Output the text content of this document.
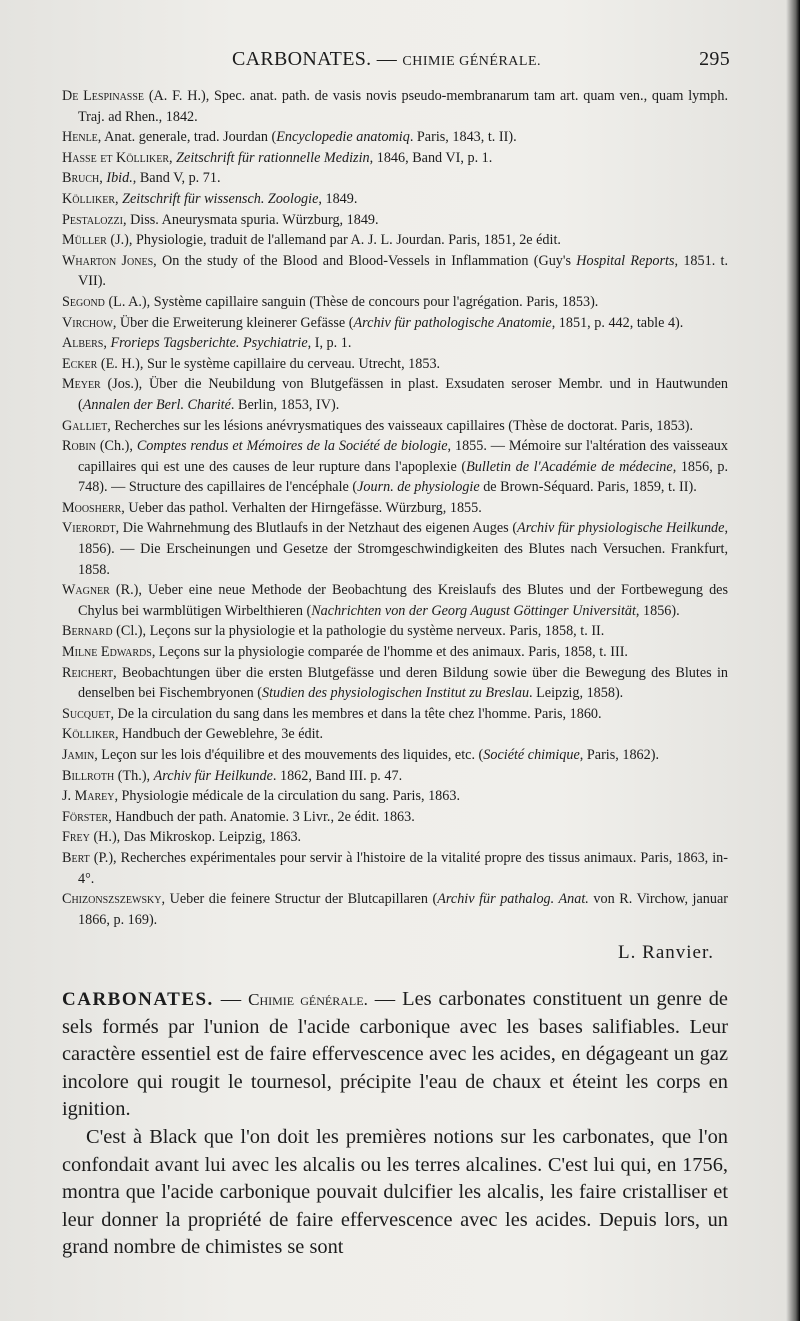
CARBONATES. — CHIMIE GÉNÉRALE.	295
De Lespinasse (A. F. H.), Spec. anat. path. de vasis novis pseudo-membranarum tam art. quam ven., quam lymph. Traj. ad Rhen., 1842.
Henle, Anat. generale, trad. Jourdan (Encyclopedie anatomiq. Paris, 1843, t. II).
Hasse et Kölliker, Zeitschrift für rationnelle Medizin, 1846, Band VI, p. 1.
Bruch, Ibid., Band V, p. 71.
Kölliker, Zeitschrift für wissensch. Zoologie, 1849.
Pestalozzi, Diss. Aneurysmata spuria. Würzburg, 1849.
Müller (J.), Physiologie, traduit de l'allemand par A. J. L. Jourdan. Paris, 1851, 2e édit.
Wharton Jones, On the study of the Blood and Blood-Vessels in Inflammation (Guy's Hospital Reports, 1851. t. VII).
Segond (L. A.), Système capillaire sanguin (Thèse de concours pour l'agrégation. Paris, 1853).
Virchow, Über die Erweiterung kleinerer Gefässe (Archiv für pathologische Anatomie, 1851, p. 442, table 4).
Albers, Frorieps Tagsberichte. Psychiatrie, I, p. 1.
Ecker (E. H.), Sur le système capillaire du cerveau. Utrecht, 1853.
Meyer (Jos.), Über die Neubildung von Blutgefässen in plast. Exsudaten seroser Membr. und in Hautwunden (Annalen der Berl. Charité. Berlin, 1853, IV).
Galliet, Recherches sur les lésions anévrysmatiques des vaisseaux capillaires (Thèse de doctorat. Paris, 1853).
Robin (Ch.), Comptes rendus et Mémoires de la Société de biologie, 1855. — Mémoire sur l'altération des vaisseaux capillaires qui est une des causes de leur rupture dans l'apoplexie (Bulletin de l'Académie de médecine, 1856, p. 748). — Structure des capillaires de l'encéphale (Journ. de physiologie de Brown-Séquard. Paris, 1859, t. II).
Moosherr, Ueber das pathol. Verhalten der Hirngefässe. Würzburg, 1855.
Vierordt, Die Wahrnehmung des Blutlaufs in der Netzhaut des eigenen Auges (Archiv für physiologische Heilkunde, 1856). — Die Erscheinungen und Gesetze der Stromgeschwindigkeiten des Blutes nach Versuchen. Frankfurt, 1858.
Wagner (R.), Ueber eine neue Methode der Beobachtung des Kreislaufs des Blutes und der Fortbewegung des Chylus bei warmblütigen Wirbelthieren (Nachrichten von der Georg August Göttinger Universität, 1856).
Bernard (Cl.), Leçons sur la physiologie et la pathologie du système nerveux. Paris, 1858, t. II.
Milne Edwards, Leçons sur la physiologie comparée de l'homme et des animaux. Paris, 1858, t. III.
Reichert, Beobachtungen über die ersten Blutgefässe und deren Bildung sowie über die Bewegung des Blutes in denselben bei Fischembryonen (Studien des physiologischen Institut zu Breslau. Leipzig, 1858).
Sucquet, De la circulation du sang dans les membres et dans la tête chez l'homme. Paris, 1860.
Kölliker, Handbuch der Geweblehre, 3e édit.
Jamin, Leçon sur les lois d'équilibre et des mouvements des liquides, etc. (Société chimique, Paris, 1862).
Billroth (Th.), Archiv für Heilkunde. 1862, Band III. p. 47.
J. Marey, Physiologie médicale de la circulation du sang. Paris, 1863.
Förster, Handbuch der path. Anatomie. 3 Livr., 2e édit. 1863.
Frey (H.), Das Mikroskop. Leipzig, 1863.
Bert (P.), Recherches expérimentales pour servir à l'histoire de la vitalité propre des tissus animaux. Paris, 1863, in-4°.
Chizonszszewsky, Ueber die feinere Structur der Blutcapillaren (Archiv für pathalog. Anat. von R. Virchow, januar 1866, p. 169).
L. Ranvier.

CARBONATES. — Chimie générale. — Les carbonates constituent un genre de sels formés par l'union de l'acide carbonique avec les bases salifiables. Leur caractère essentiel est de faire effervescence avec les acides, en dégageant un gaz incolore qui rougit le tournesol, précipite l'eau de chaux et éteint les corps en ignition.

C'est à Black que l'on doit les premières notions sur les carbonates, que l'on confondait avant lui avec les alcalis ou les terres alcalines. C'est lui qui, en 1756, montra que l'acide carbonique pouvait dulcifier les alcalis, les faire cristalliser et leur donner la propriété de faire effervescence avec les acides. Depuis lors, un grand nombre de chimistes se sont
